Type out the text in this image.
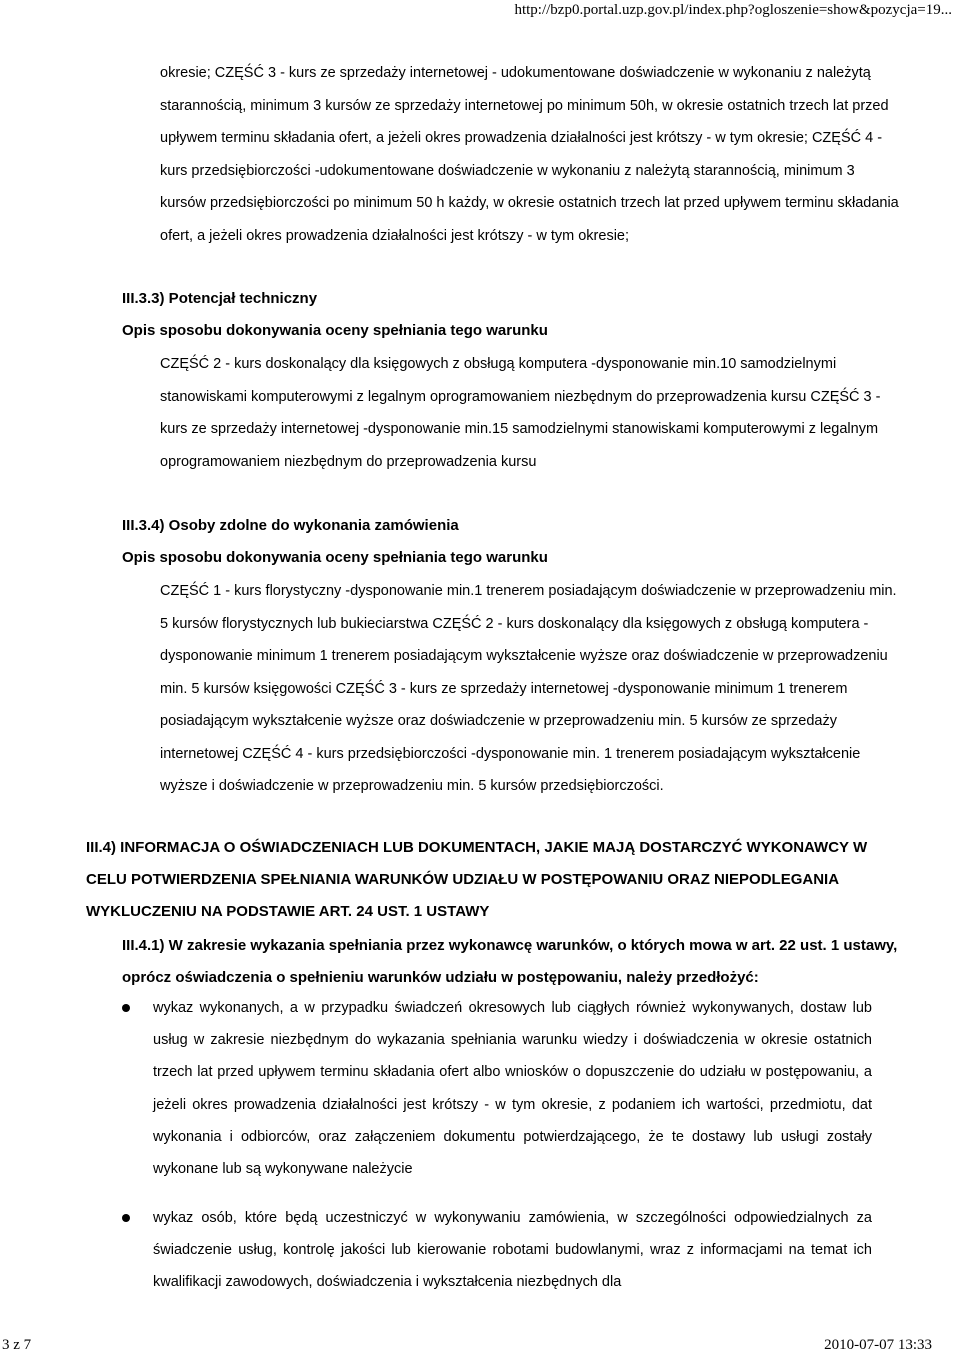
http://bzp0.portal.uzp.gov.pl/index.php?ogloszenie=show&pozycja=19...

okresie; CZĘŚĆ 3 - kurs ze sprzedaży internetowej - udokumentowane doświadczenie w wykonaniu z należytą starannością, minimum 3 kursów ze sprzedaży internetowej po minimum 50h, w okresie ostatnich trzech lat przed upływem terminu składania ofert, a jeżeli okres prowadzenia działalności jest krótszy - w tym okresie; CZĘŚĆ 4 - kurs przedsiębiorczości -udokumentowane doświadczenie w wykonaniu z należytą starannością, minimum 3 kursów przedsiębiorczości po minimum 50 h każdy, w okresie ostatnich trzech lat przed upływem terminu składania ofert, a jeżeli okres prowadzenia działalności jest krótszy - w tym okresie;

III.3.3) Potencjał techniczny

Opis sposobu dokonywania oceny spełniania tego warunku

CZĘŚĆ 2 - kurs doskonalący dla księgowych z obsługą komputera -dysponowanie min.10 samodzielnymi stanowiskami komputerowymi z legalnym oprogramowaniem niezbędnym do przeprowadzenia kursu CZĘŚĆ 3 - kurs ze sprzedaży internetowej -dysponowanie min.15 samodzielnymi stanowiskami komputerowymi z legalnym oprogramowaniem niezbędnym do przeprowadzenia kursu

III.3.4) Osoby zdolne do wykonania zamówienia

Opis sposobu dokonywania oceny spełniania tego warunku

CZĘŚĆ 1 - kurs florystyczny -dysponowanie min.1 trenerem posiadającym doświadczenie w przeprowadzeniu min. 5 kursów florystycznych lub bukieciarstwa CZĘŚĆ 2 - kurs doskonalący dla księgowych z obsługą komputera -dysponowanie minimum 1 trenerem posiadającym wykształcenie wyższe oraz doświadczenie w przeprowadzeniu min. 5 kursów księgowości CZĘŚĆ 3 - kurs ze sprzedaży internetowej -dysponowanie minimum 1 trenerem posiadającym wykształcenie wyższe oraz doświadczenie w przeprowadzeniu min. 5 kursów ze sprzedaży internetowej CZĘŚĆ 4 - kurs przedsiębiorczości -dysponowanie min. 1 trenerem posiadającym wykształcenie wyższe i doświadczenie w przeprowadzeniu min. 5 kursów przedsiębiorczości.

III.4) INFORMACJA O OŚWIADCZENIACH LUB DOKUMENTACH, JAKIE MAJĄ DOSTARCZYĆ WYKONAWCY W CELU POTWIERDZENIA SPEŁNIANIA WARUNKÓW UDZIAŁU W POSTĘPOWANIU ORAZ NIEPODLEGANIA WYKLUCZENIU NA PODSTAWIE ART. 24 UST. 1 USTAWY

III.4.1) W zakresie wykazania spełniania przez wykonawcę warunków, o których mowa w art. 22 ust. 1 ustawy, oprócz oświadczenia o spełnieniu warunków udziału w postępowaniu, należy przedłożyć:

wykaz wykonanych, a w przypadku świadczeń okresowych lub ciągłych również wykonywanych, dostaw lub usług w zakresie niezbędnym do wykazania spełniania warunku wiedzy i doświadczenia w okresie ostatnich trzech lat przed upływem terminu składania ofert albo wniosków o dopuszczenie do udziału w postępowaniu, a jeżeli okres prowadzenia działalności jest krótszy - w tym okresie, z podaniem ich wartości, przedmiotu, dat wykonania i odbiorców, oraz załączeniem dokumentu potwierdzającego, że te dostawy lub usługi zostały wykonane lub są wykonywane należycie

wykaz osób, które będą uczestniczyć w wykonywaniu zamówienia, w szczególności odpowiedzialnych za świadczenie usług, kontrolę jakości lub kierowanie robotami budowlanymi, wraz z informacjami na temat ich kwalifikacji zawodowych, doświadczenia i wykształcenia niezbędnych dla

3 z 7	2010-07-07 13:33
